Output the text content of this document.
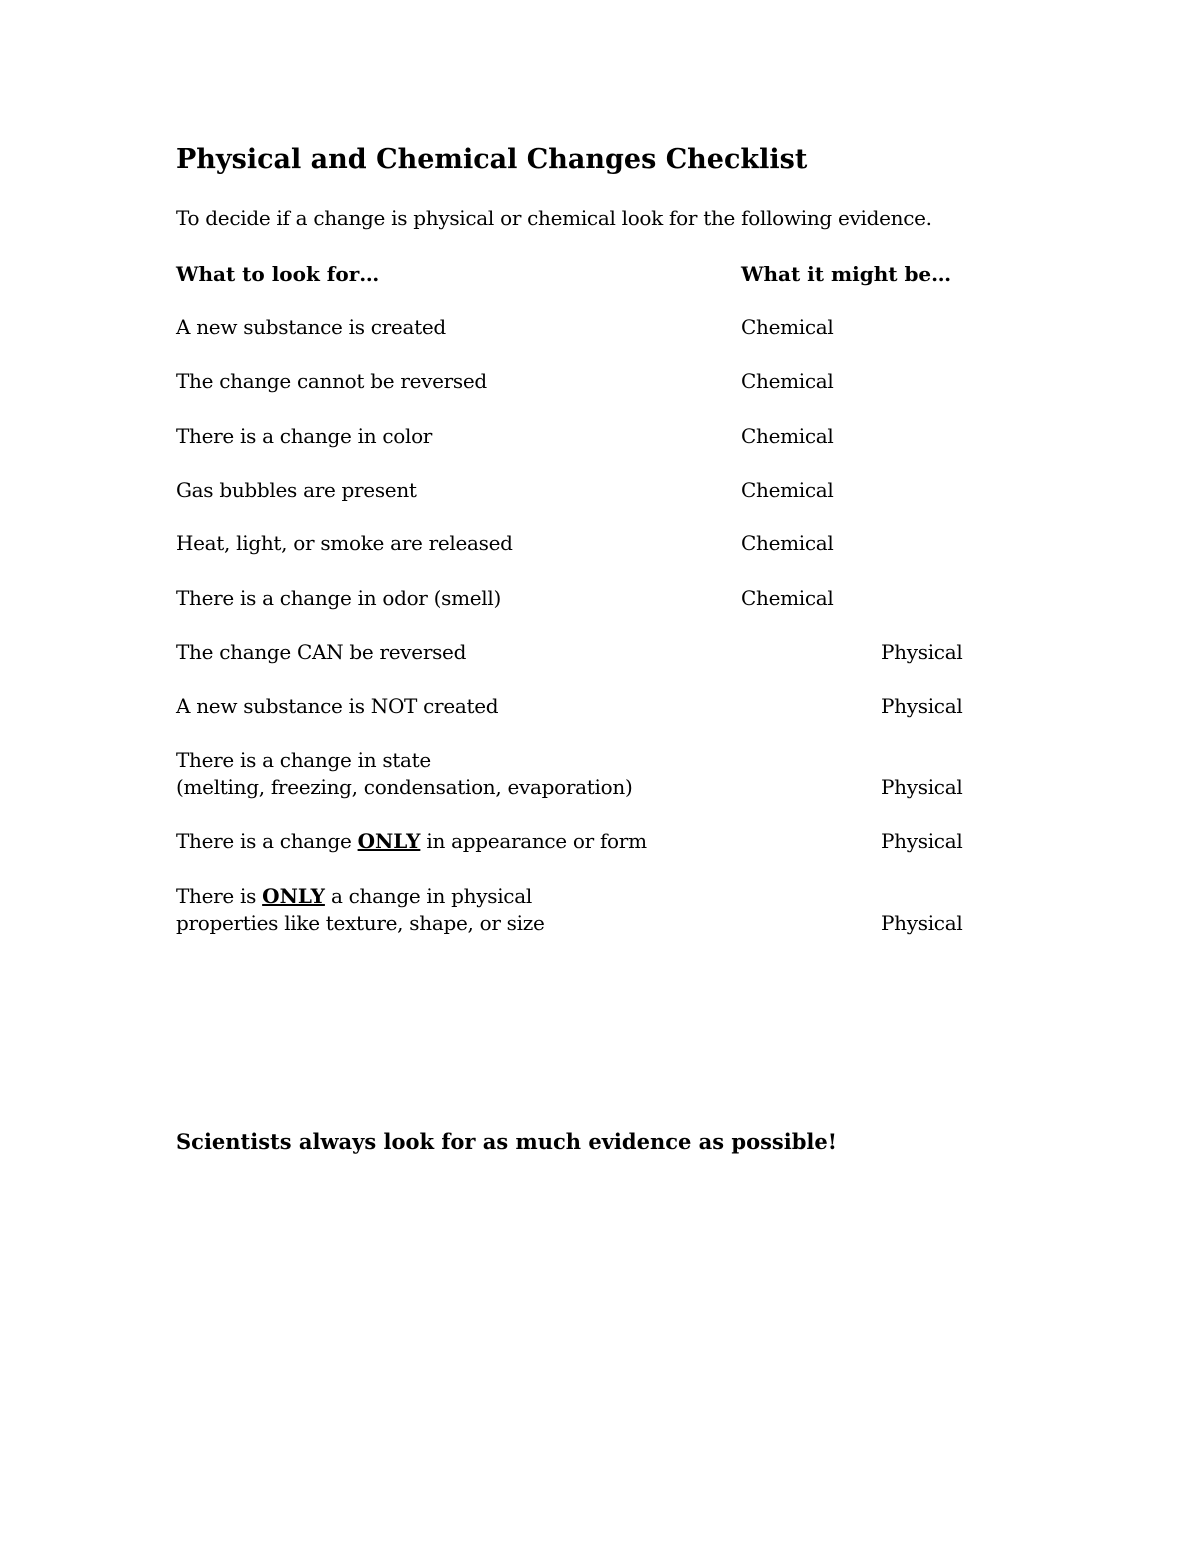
Physical and Chemical Changes Checklist

To decide if a change is physical or chemical look for the following evidence.

What to look for…	What it might be…
A new substance is created	Chemical
The change cannot be reversed	Chemical
There is a change in color	Chemical
Gas bubbles are present	Chemical
Heat, light, or smoke are released	Chemical
There is a change in odor (smell)	Chemical
The change CAN be reversed	Physical
A new substance is NOT created	Physical
There is a change in state
(melting, freezing, condensation, evaporation)	Physical
There is a change ONLY in appearance or form	Physical
There is ONLY a change in physical
properties like texture, shape, or size	Physical

Scientists always look for as much evidence as possible!
